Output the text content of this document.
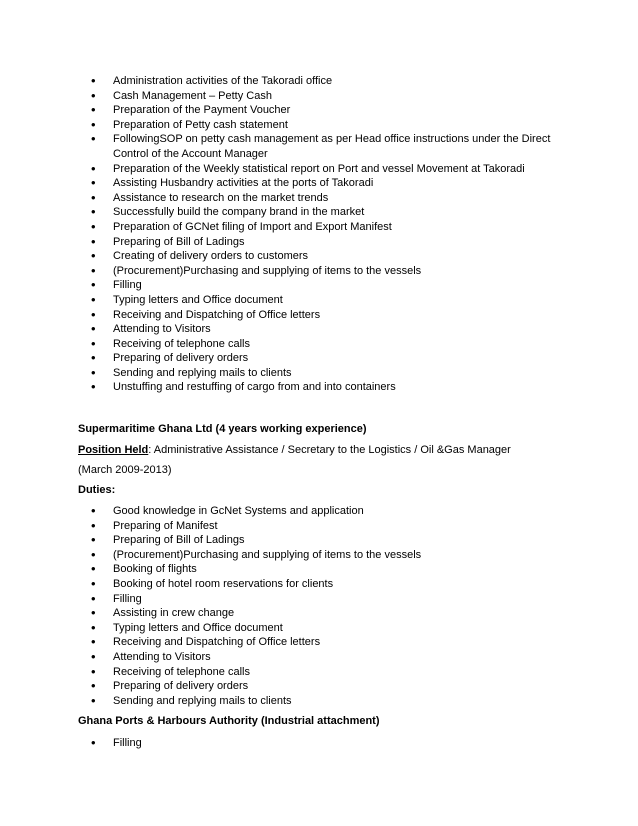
• Administration activities of the Takoradi office
• Cash Management – Petty Cash
• Preparation of the Payment Voucher
• Preparation of Petty cash statement
• FollowingSOP on petty cash management as per Head office instructions under the Direct Control of the Account Manager
• Preparation of the Weekly statistical report on Port and vessel Movement at Takoradi
• Assisting Husbandry activities at the ports of Takoradi
• Assistance to research on the market trends
• Successfully build the company brand in the market
• Preparation of GCNet filing of Import and Export Manifest
• Preparing of Bill of Ladings
• Creating of delivery orders to customers
• (Procurement)Purchasing and supplying of items to the vessels
• Filling
• Typing letters and Office document
• Receiving and Dispatching of Office letters
• Attending to Visitors
• Receiving of telephone calls
• Preparing of delivery orders
• Sending and replying mails to clients
• Unstuffing and restuffing of cargo from and into containers
Supermaritime Ghana Ltd (4 years working experience)
Position Held: Administrative Assistance / Secretary to the Logistics / Oil &Gas Manager
(March 2009-2013)
Duties:
• Good knowledge in GcNet Systems and application
• Preparing of Manifest
• Preparing of Bill of Ladings
• (Procurement)Purchasing and supplying of items to the vessels
• Booking of flights
• Booking of hotel room reservations for clients
• Filling
• Assisting in crew change
• Typing letters and Office document
• Receiving and Dispatching of Office letters
• Attending to Visitors
• Receiving of telephone calls
• Preparing of delivery orders
• Sending and replying mails to clients
Ghana Ports & Harbours Authority (Industrial attachment)
• Filling
